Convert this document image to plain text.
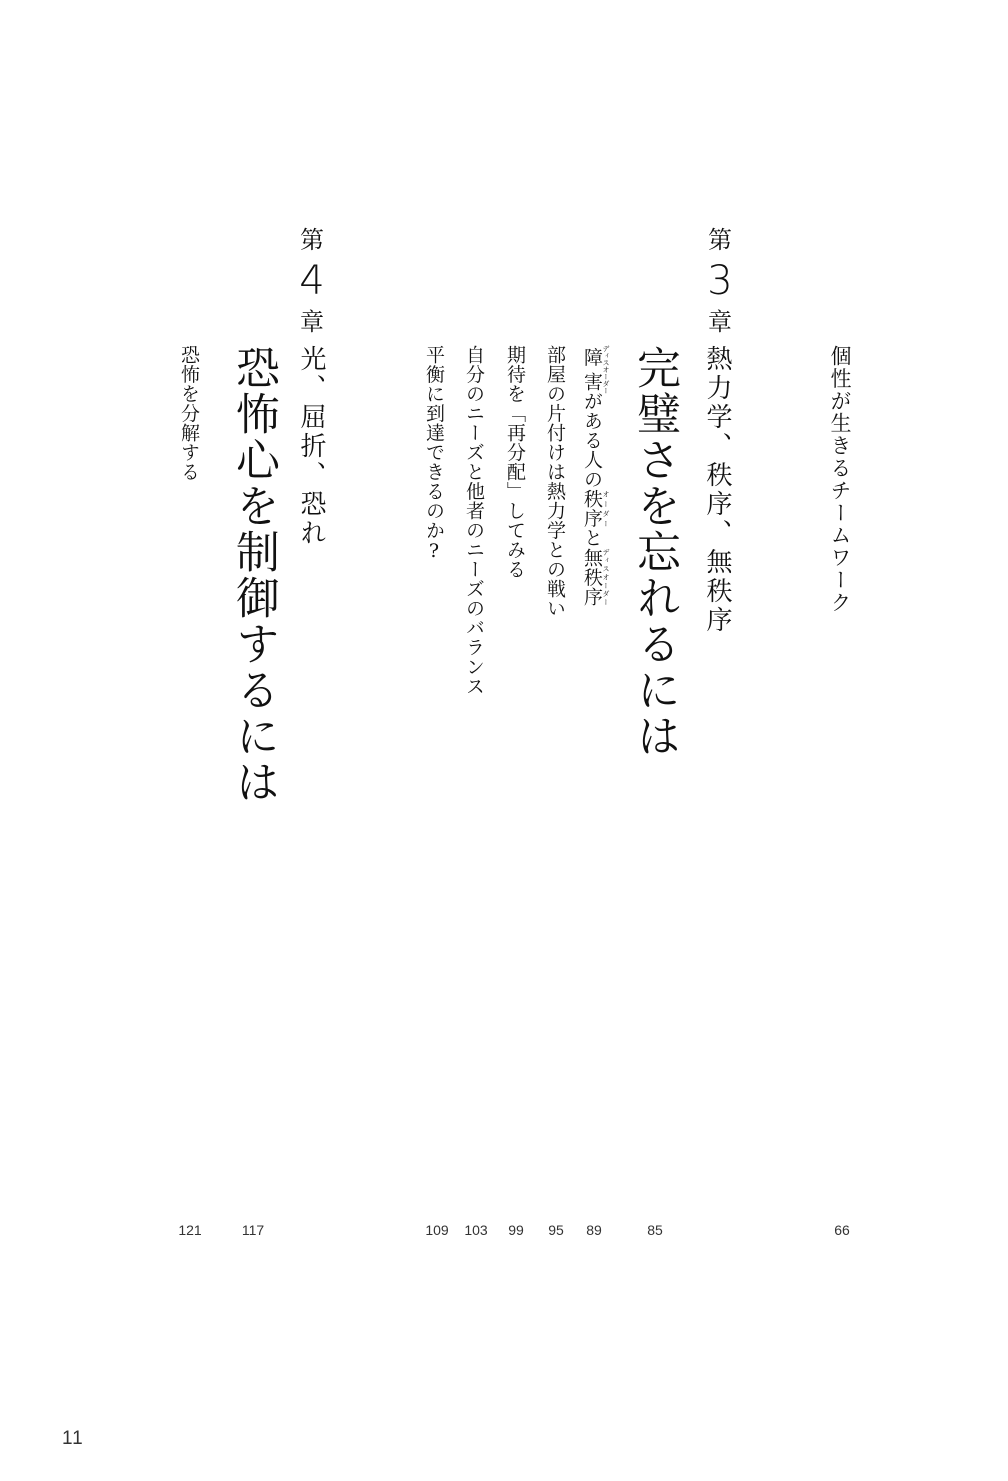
個性が生きるチームワーク
第
3
章
熱力学、秩序、無秩序
完璧さを忘れるには
障害 ディスオーダーがある人の秩序 オーダーと無秩序 ディスオーダー
部屋の片付けは熱力学との戦い
期待を「再分配」してみる
自分のニーズと他者のニーズのバランス
平衡に到達できるのか?
第
4
章
光、屈折、恐れ
恐怖心を制御するには
恐怖を分解する
66
85
89
95
99
103
109
117
121
11
